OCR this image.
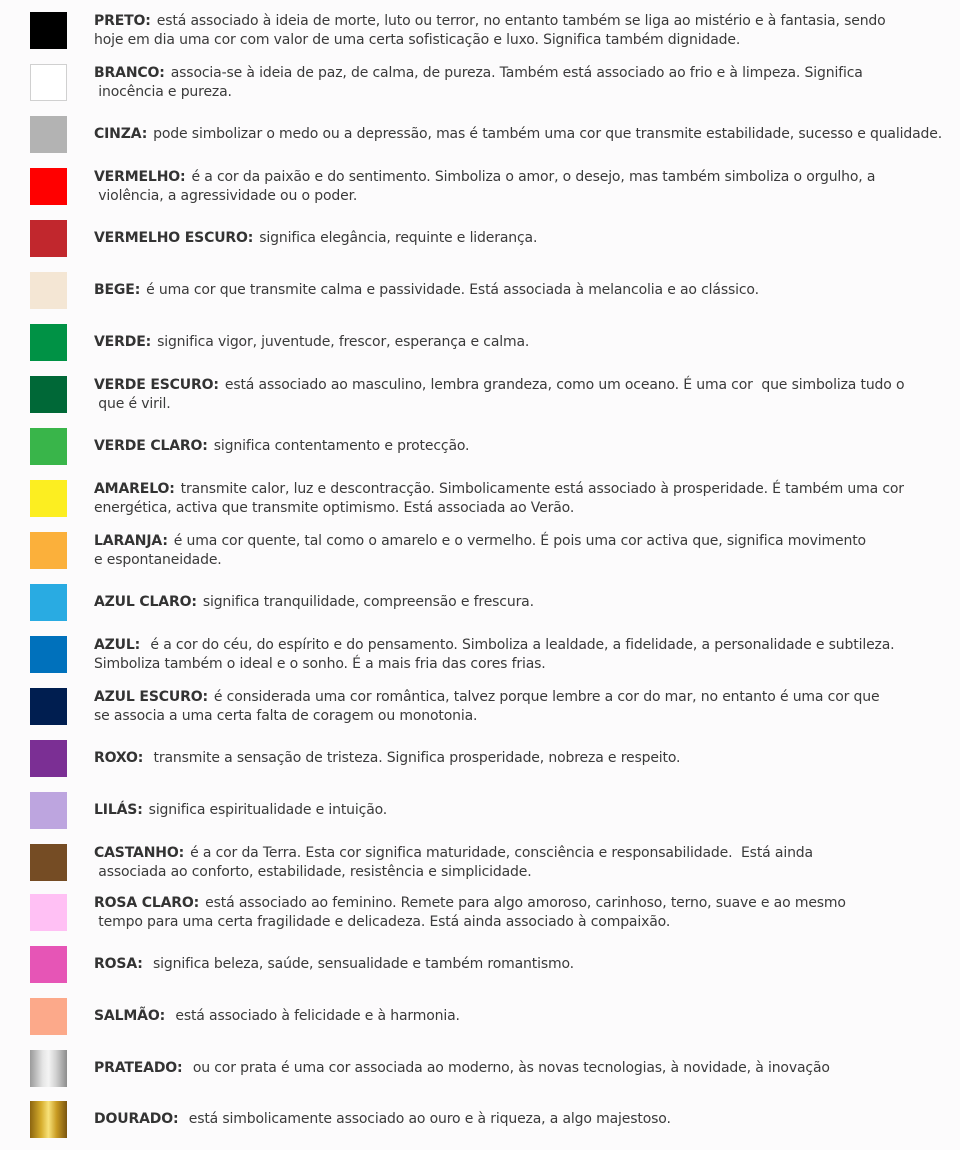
PRETO: está associado à ideia de morte, luto ou terror, no entanto também se liga ao mistério e à fantasia, sendo
hoje em dia uma cor com valor de uma certa sofisticação e luxo. Significa também dignidade.
BRANCO: associa-se à ideia de paz, de calma, de pureza. Também está associado ao frio e à limpeza. Significa
inocência e pureza.
CINZA: pode simbolizar o medo ou a depressão, mas é também uma cor que transmite estabilidade, sucesso e qualidade.
VERMELHO: é a cor da paixão e do sentimento. Simboliza o amor, o desejo, mas também simboliza o orgulho, a
violência, a agressividade ou o poder.
VERMELHO ESCURO: significa elegância, requinte e liderança.
BEGE: é uma cor que transmite calma e passividade. Está associada à melancolia e ao clássico.
VERDE: significa vigor, juventude, frescor, esperança e calma.
VERDE ESCURO: está associado ao masculino, lembra grandeza, como um oceano. É uma cor  que simboliza tudo o
que é viril.
VERDE CLARO: significa contentamento e protecção.
AMARELO: transmite calor, luz e descontracção. Simbolicamente está associado à prosperidade. É também uma cor
energética, activa que transmite optimismo. Está associada ao Verão.
LARANJA: é uma cor quente, tal como o amarelo e o vermelho. É pois uma cor activa que, significa movimento
e espontaneidade.
AZUL CLARO: significa tranquilidade, compreensão e frescura.
AZUL: é a cor do céu, do espírito e do pensamento. Simboliza a lealdade, a fidelidade, a personalidade e subtileza.
Simboliza também o ideal e o sonho. É a mais fria das cores frias.
AZUL ESCURO: é considerada uma cor romântica, talvez porque lembre a cor do mar, no entanto é uma cor que
se associa a uma certa falta de coragem ou monotonia.
ROXO: transmite a sensação de tristeza. Significa prosperidade, nobreza e respeito.
LILÁS: significa espiritualidade e intuição.
CASTANHO: é a cor da Terra. Esta cor significa maturidade, consciência e responsabilidade.  Está ainda
associada ao conforto, estabilidade, resistência e simplicidade.
ROSA CLARO: está associado ao feminino. Remete para algo amoroso, carinhoso, terno, suave e ao mesmo
tempo para uma certa fragilidade e delicadeza. Está ainda associado à compaixão.
ROSA: significa beleza, saúde, sensualidade e também romantismo.
SALMÃO: está associado à felicidade e à harmonia.
PRATEADO: ou cor prata é uma cor associada ao moderno, às novas tecnologias, à novidade, à inovação
DOURADO: está simbolicamente associado ao ouro e à riqueza, a algo majestoso.
